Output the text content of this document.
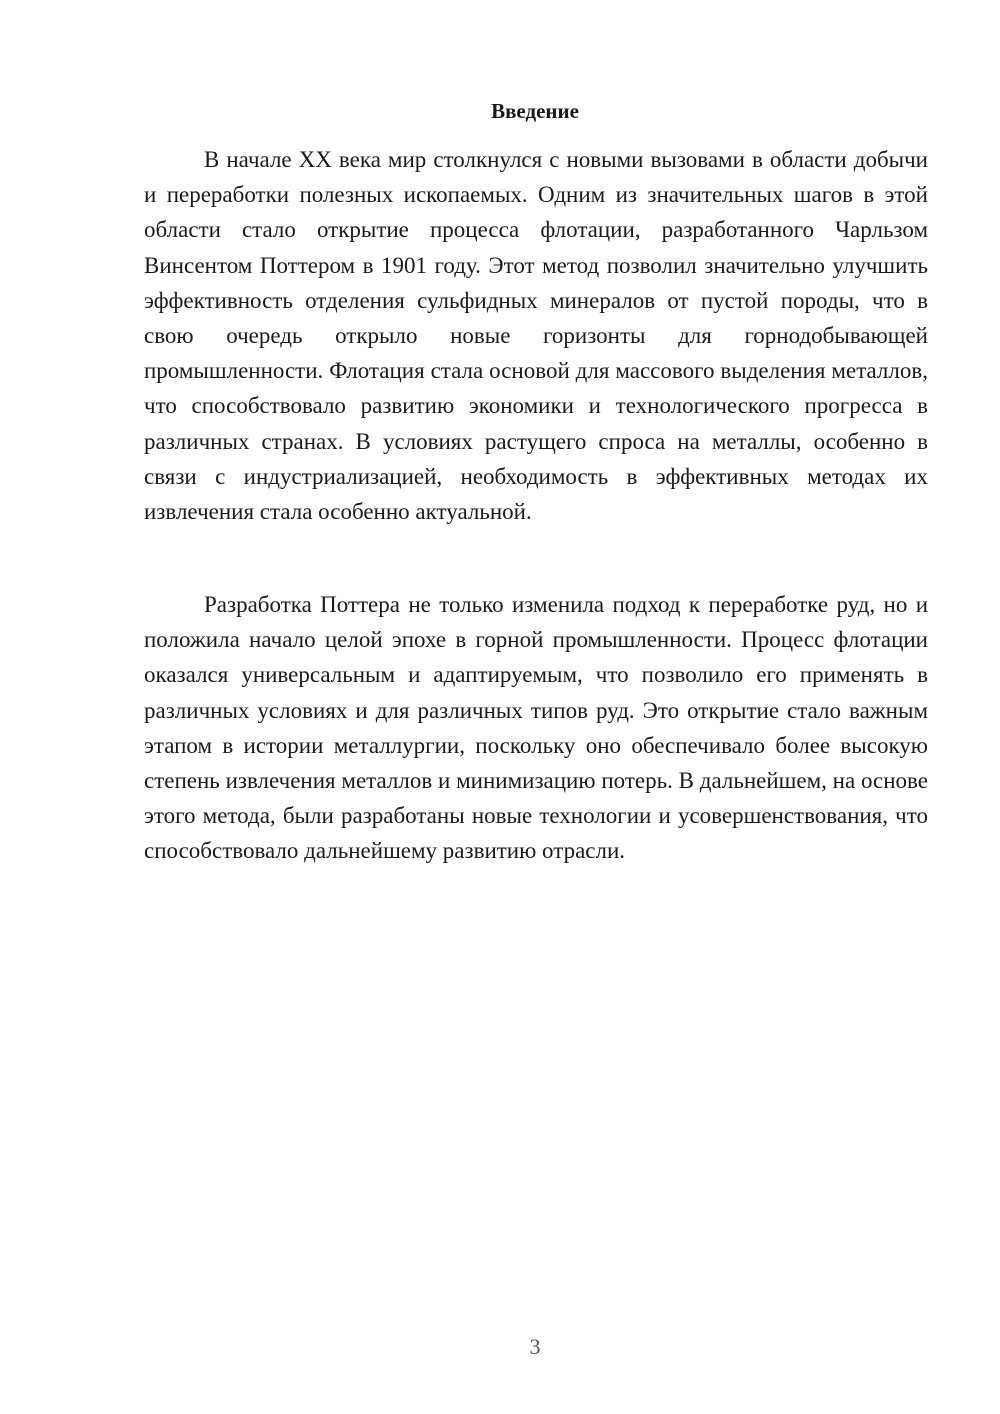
Введение

В начале XX века мир столкнулся с новыми вызовами в области добычи и переработки полезных ископаемых. Одним из значительных шагов в этой области стало открытие процесса флотации, разработанного Чарльзом Винсентом Поттером в 1901 году. Этот метод позволил значительно улучшить эффективность отделения сульфидных минералов от пустой породы, что в свою очередь открыло новые горизонты для горнодобывающей промышленности. Флотация стала основой для массового выделения металлов, что способствовало развитию экономики и технологического прогресса в различных странах. В условиях растущего спроса на металлы, особенно в связи с индустриализацией, необходимость в эффективных методах их извлечения стала особенно актуальной.

Разработка Поттера не только изменила подход к переработке руд, но и положила начало целой эпохе в горной промышленности. Процесс флотации оказался универсальным и адаптируемым, что позволило его применять в различных условиях и для различных типов руд. Это открытие стало важным этапом в истории металлургии, поскольку оно обеспечивало более высокую степень извлечения металлов и минимизацию потерь. В дальнейшем, на основе этого метода, были разработаны новые технологии и усовершенствования, что способствовало дальнейшему развитию отрасли.

3
